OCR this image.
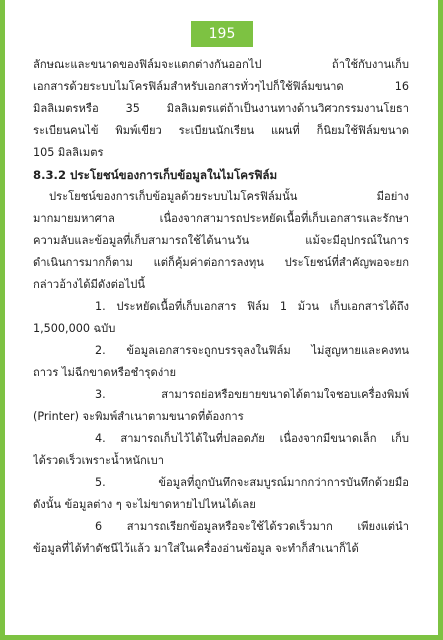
195
ลักษณะและขนาดของฟิล์มจะแตกต่างกันออกไป ถ้าใช้กับงานเก็บ
เอกสารด้วยระบบไมโครฟิล์มสำหรับเอกสารทั่วๆไปก็ใช้ฟิล์มขนาด 16
มิลลิเมตรหรือ 35 มิลลิเมตรแต่ถ้าเป็นงานทางด้านวิศวกรรมงานโยธา
ระเบียนคนไข้ พิมพ์เขียว ระเบียนนักเรียน แผนที่ ก็นิยมใช้ฟิล์มขนาด
105 มิลลิเมตร
8.3.2 ประโยชน์ของการเก็บข้อมูลในไมโครฟิล์ม
ประโยชน์ของการเก็บข้อมูลด้วยระบบไมโครฟิล์มนั้น มีอย่าง
มากมายมหาศาล เนื่องจากสามารถประหยัดเนื้อที่เก็บเอกสารและรักษา
ความลับและข้อมูลที่เก็บสามารถใช้ได้นานวัน แม้จะมีอุปกรณ์ในการ
ดำเนินการมากก็ตาม แต่ก็คุ้มค่าต่อการลงทุน ประโยชน์ที่สำคัญพอจะยก
กล่าวอ้างได้มีดังต่อไปนี้
1. ประหยัดเนื้อที่เก็บเอกสาร ฟิล์ม 1 ม้วน เก็บเอกสารได้ถึง
1,500,000 ฉบับ
2. ข้อมูลเอกสารจะถูกบรรจุลงในฟิล์ม ไม่สูญหายและคงทน
ถาวร ไม่ฉีกขาดหรือชำรุดง่าย
3. สามารถย่อหรือขยายขนาดได้ตามใจชอบเครื่องพิมพ์
(Printer) จะพิมพ์สำเนาตามขนาดที่ต้องการ
4. สามารถเก็บไว้ได้ในที่ปลอดภัย เนื่องจากมีขนาดเล็ก เก็บ
ได้รวดเร็วเพราะน้ำหนักเบา
5. ข้อมูลที่ถูกบันทึกจะสมบูรณ์มากกว่าการบันทึกด้วยมือ
ดังนั้น ข้อมูลต่าง ๆ จะไม่ขาดหายไปไหนได้เลย
6 สามารถเรียกข้อมูลหรือจะใช้ได้รวดเร็วมาก เพียงแต่นำ
ข้อมูลที่ได้ทำดัชนีไว้แล้ว มาใส่ในเครื่องอ่านข้อมูล จะทำก็สำเนาก็ได้
